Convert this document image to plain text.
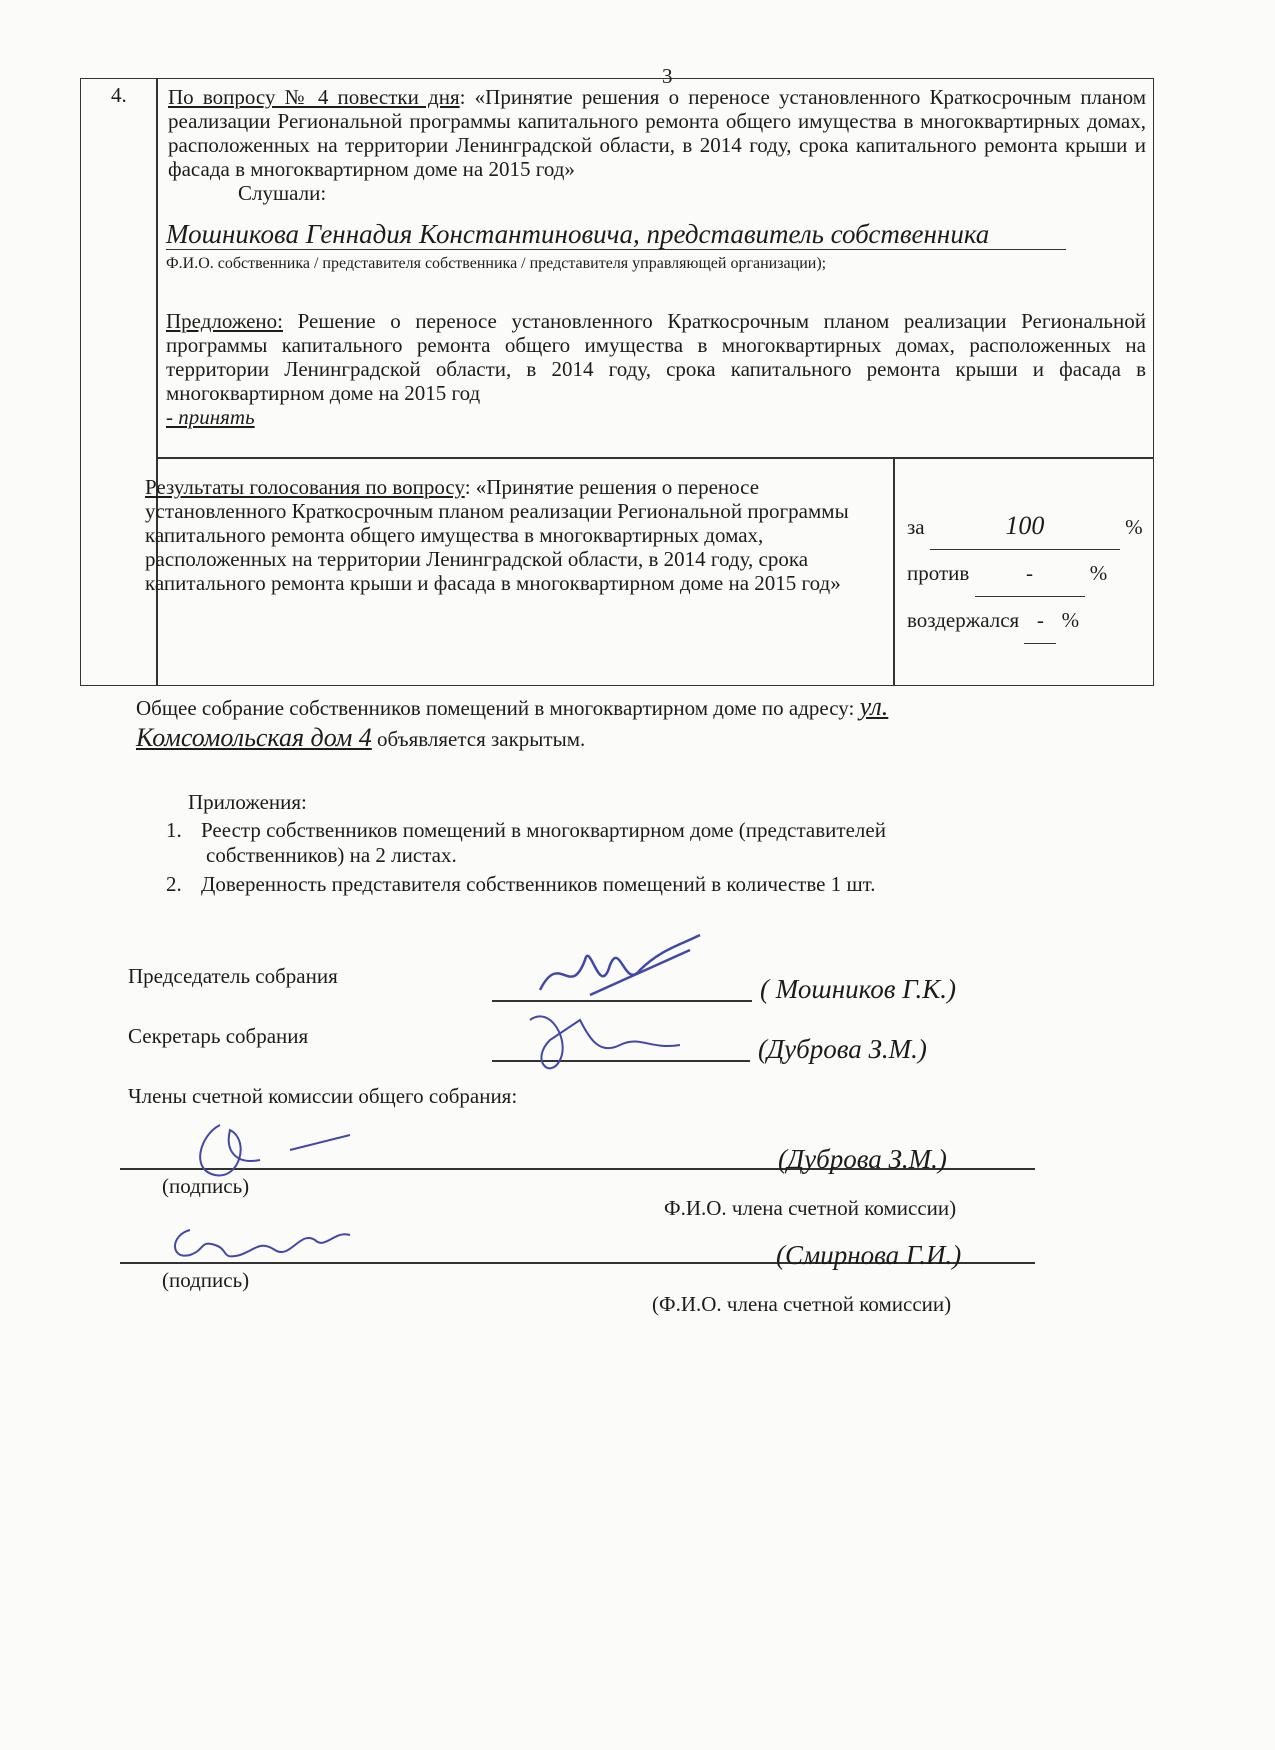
3
4. По вопросу № 4 повестки дня: «Принятие решения о переносе установленного Краткосрочным планом реализации Региональной программы капитального ремонта общего имущества в многоквартирных домах, расположенных на территории Ленинградской области, в 2014 году, срока капитального ремонта крыши и фасада в многоквартирном доме на 2015 год»
Слушали:
Мошникова Геннадия Константиновича, представитель собственника
Ф.И.О. собственника / представителя собственника / представителя управляющей организации);
Предложено: Решение о переносе установленного Краткосрочным планом реализации Региональной программы капитального ремонта общего имущества в многоквартирных домах, расположенных на территории Ленинградской области, в 2014 году, срока капитального ремонта крыши и фасада в многоквартирном доме на 2015 год
- принять
Результаты голосования по вопросу: «Принятие решения о переносе установленного Краткосрочным планом реализации Региональной программы капитального ремонта общего имущества в многоквартирных домах, расположенных на территории Ленинградской области, в 2014 году, срока капитального ремонта крыши и фасада в многоквартирном доме на 2015 год»
за	100	%
против	-	%
воздержался - %
Общее собрание собственников помещений в многоквартирном доме по адресу: ул.
Комсомольская дом 4 объявляется закрытым.
Приложения:
1. Реестр собственников помещений в многоквартирном доме (представителей
собственников) на 2 листах.
2. Доверенность представителя собственников помещений в количестве 1 шт.
Председатель собрания	( Мошников Г.К.)
Секретарь собрания	(Дуброва З.М.)
Члены счетной комиссии общего собрания:
(Дуброва З.М.)
(подпись)
Ф.И.О. члена счетной комиссии)
(Смирнова Г.И.)
(подпись)
(Ф.И.О. члена счетной комиссии)
